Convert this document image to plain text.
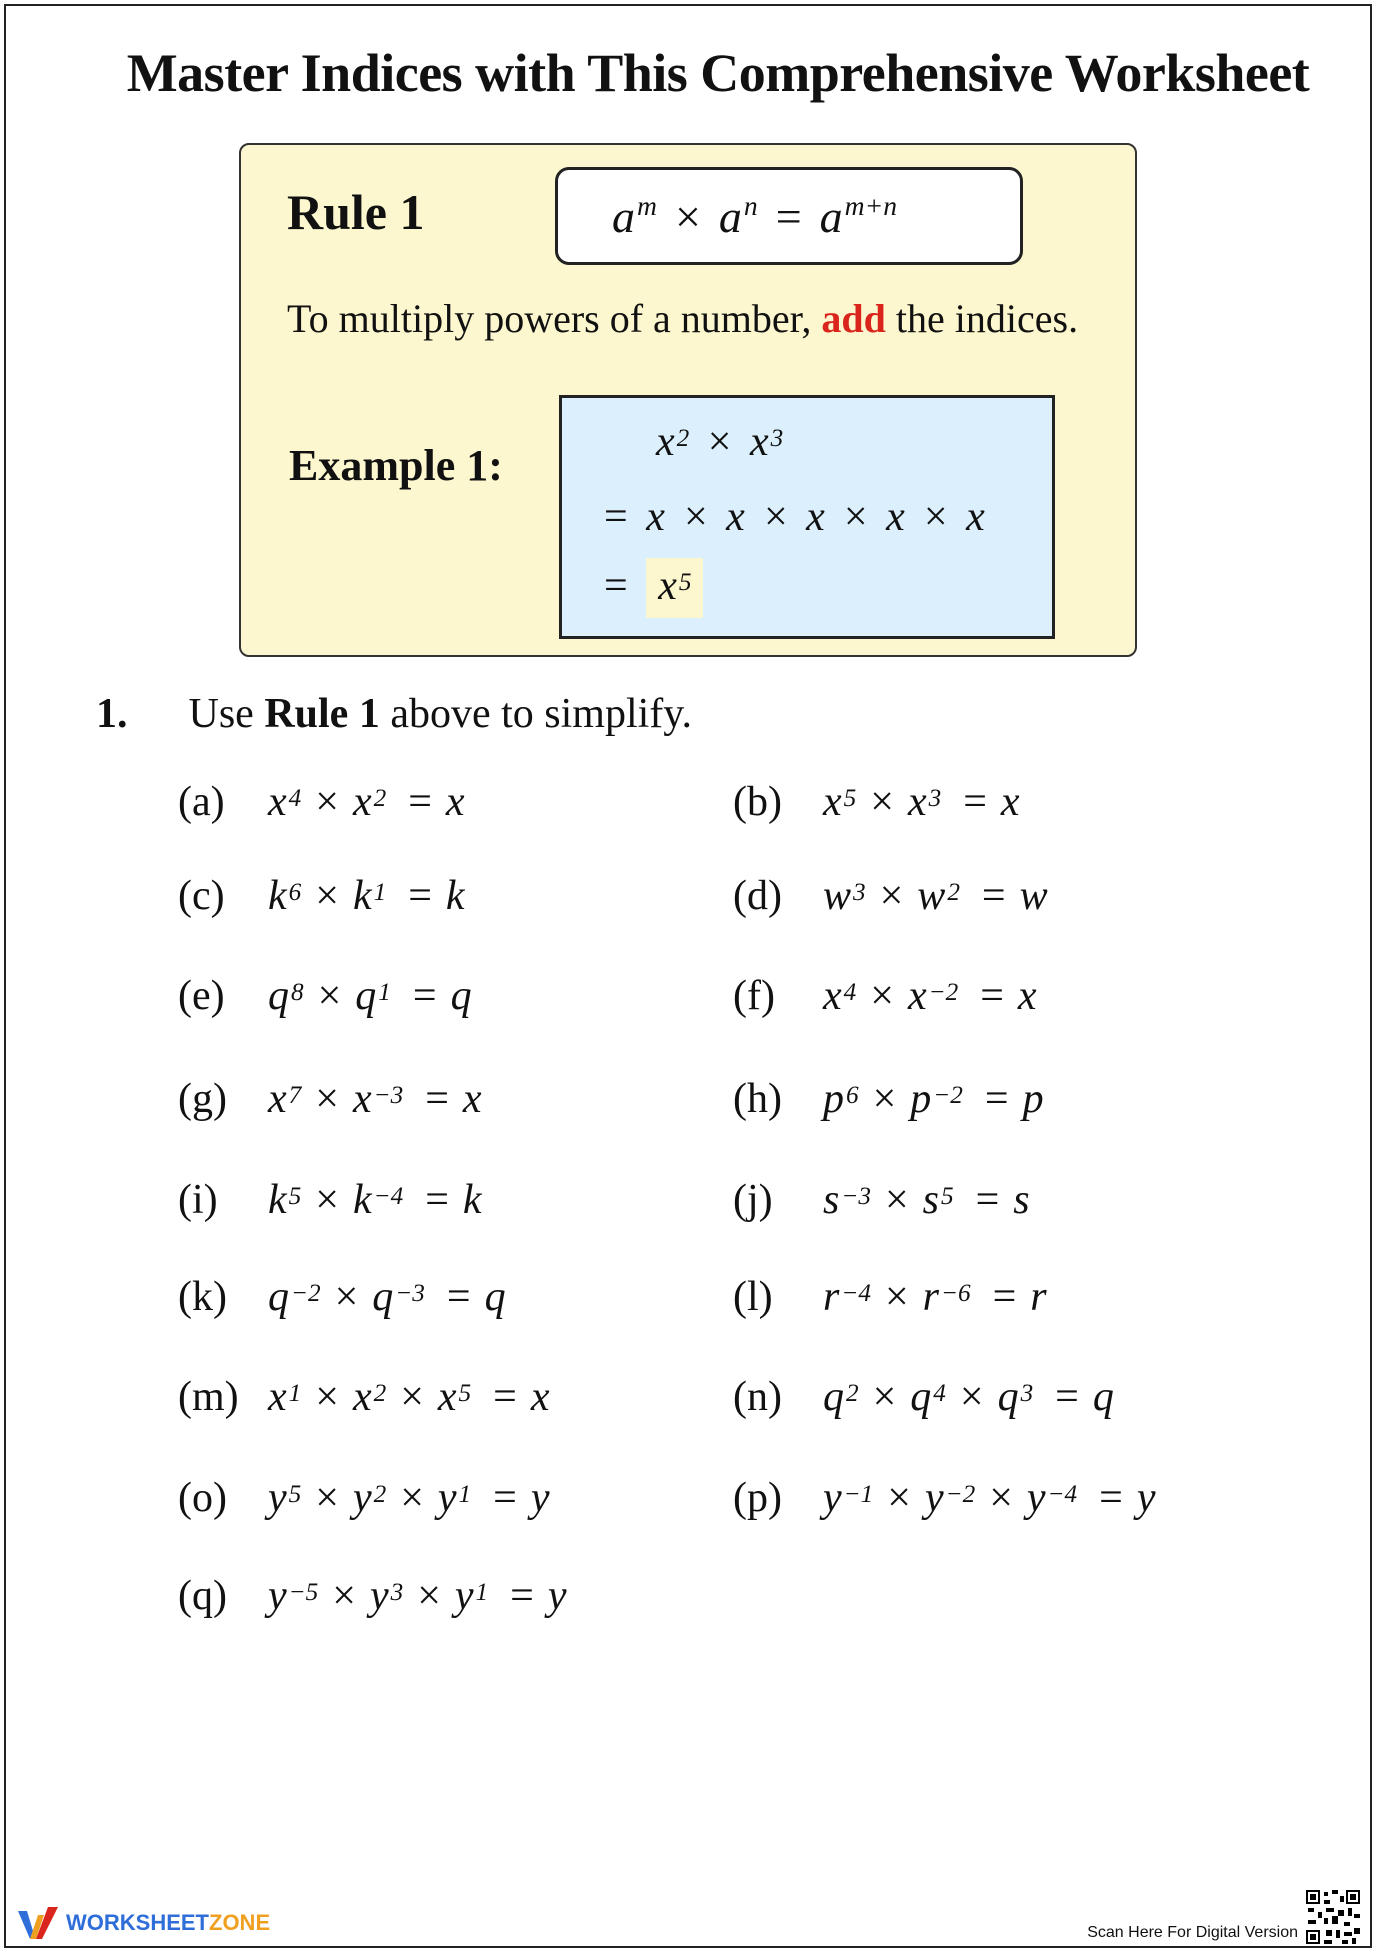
Master Indices with This Comprehensive Worksheet
Rule 1	$a^m \times a^n = a^{m+n}$
To multiply powers of a number, add the indices.
Example 1:	$x^2 \times x^3$
= x × x × x × x × x
= $x^5$
1. Use Rule 1 above to simplify.
(a)	$x^4 \times x^2 = x$	(b) $x^5 \times x^3 = x$
(c)	$k^6 \times k^1 = k$	(d) $w^3 \times w^2 = w$
(e)	$q^8 \times q^1 = q$	(f)	$x^4 \times x^{-2} = x$
(g) $x^7 \times x^{-3} = x$	(h) $p^6 \times p^{-2} = p$
(i)	$k^5 \times k^{-4} = k$	(j)	$s^{-3} \times s^5 = s$
(k) $q^{-2} \times q^{-3} = q$	(l)	$r^{-4} \times r^{-6} = r$
(m) $x^1 \times x^2 \times x^5 = x$	(n) $q^2 \times q^4 \times q^3 = q$
(o) $y^5 \times y^2 \times y^1 = y$	(p) $y^{-1} \times y^{-2} \times y^{-4} = y$
(q) $y^{-5} \times y^3 \times y^1 = y$
WORKSHEET ZONE	Scan Here For Digital Version
